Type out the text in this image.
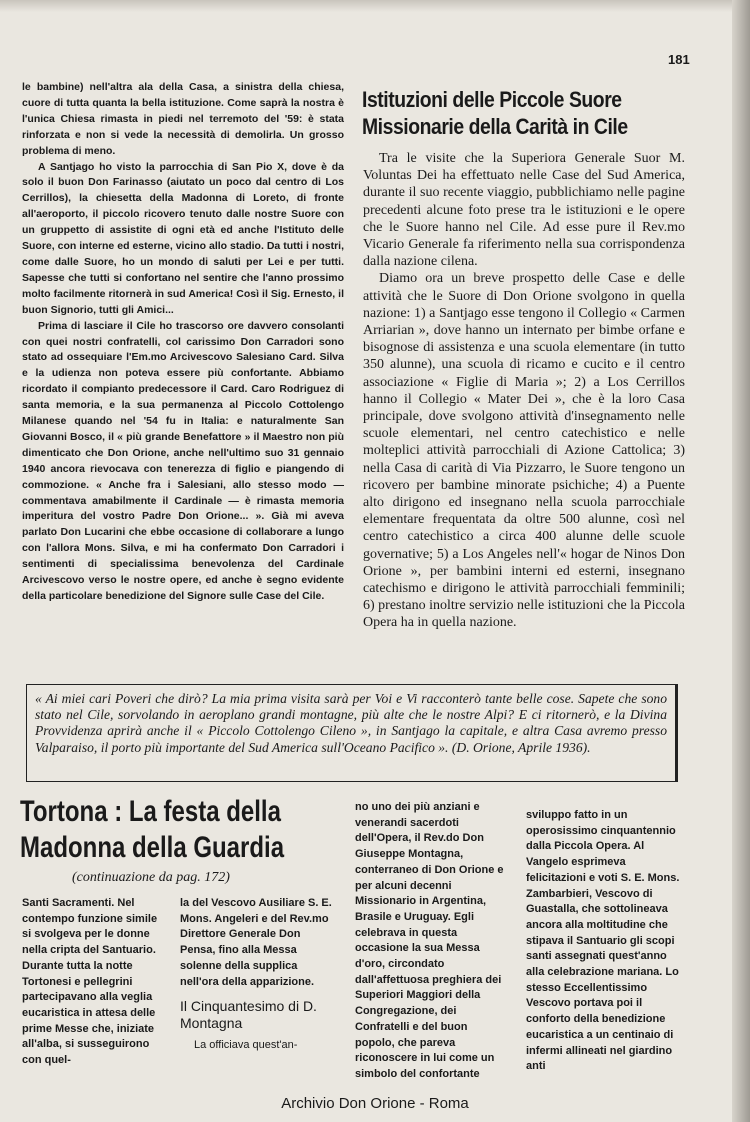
181

le bambine) nell'altra ala della Casa, a sinistra della chiesa, cuore di tutta quanta la bella istituzione. Come saprà la nostra è l'unica Chiesa rimasta in piedi nel terremoto del '59: è stata rinforzata e non si vede la necessità di demolirla. Un grosso problema di meno.

A Santjago ho visto la parrocchia di San Pio X, dove è da solo il buon Don Farinasso (aiutato un poco dal centro di Los Cerrillos), la chiesetta della Madonna di Loreto, di fronte all'aeroporto, il piccolo ricovero tenuto dalle nostre Suore con un gruppetto di assistite di ogni età ed anche l'Istituto delle Suore, con interne ed esterne, vicino allo stadio. Da tutti i nostri, come dalle Suore, ho un mondo di saluti per Lei e per tutti. Sapesse che tutti si confortano nel sentire che l'anno prossimo molto facilmente ritornerà in sud America! Così il Sig. Ernesto, il buon Signorio, tutti gli Amici...

Prima di lasciare il Cile ho trascorso ore davvero consolanti con quei nostri confratelli, col carissimo Don Carradori sono stato ad ossequiare l'Em.mo Arcivescovo Salesiano Card. Silva e la udienza non poteva essere più confortante. Abbiamo ricordato il compianto predecessore il Card. Caro Rodriguez di santa memoria, e la sua permanenza al Piccolo Cottolengo Milanese quando nel '54 fu in Italia: e naturalmente San Giovanni Bosco, il « più grande Benefattore » il Maestro non più dimenticato che Don Orione, anche nell'ultimo suo 31 gennaio 1940 ancora rievocava con tenerezza di figlio e piangendo di commozione. « Anche fra i Salesiani, allo stesso modo — commentava amabilmente il Cardinale — è rimasta memoria imperitura del vostro Padre Don Orione... ». Già mi aveva parlato Don Lucarini che ebbe occasione di collaborare a lungo con l'allora Mons. Silva, e mi ha confermato Don Carradori i sentimenti di specialissima benevolenza del Cardinale Arcivescovo verso le nostre opere, ed anche è segno evidente della particolare benedizione del Signore sulle Case del Cile.

Istituzioni delle Piccole Suore Missionarie della Carità in Cile

Tra le visite che la Superiora Generale Suor M. Voluntas Dei ha effettuato nelle Case del Sud America, durante il suo recente viaggio, pubblichiamo nelle pagine precedenti alcune foto prese tra le istituzioni e le opere che le Suore hanno nel Cile. Ad esse pure il Rev.mo Vicario Generale fa riferimento nella sua corrispondenza dalla nazione cilena.

Diamo ora un breve prospetto delle Case e delle attività che le Suore di Don Orione svolgono in quella nazione: 1) a Santjago esse tengono il Collegio « Carmen Arriarian », dove hanno un internato per bimbe orfane e bisognose di assistenza e una scuola elementare (in tutto 350 alunne), una scuola di ricamo e cucito e il centro associazione « Figlie di Maria »; 2) a Los Cerrillos hanno il Collegio « Mater Dei », che è la loro Casa principale, dove svolgono attività d'insegnamento nelle scuole elementari, nel centro catechistico e nelle molteplici attività parrocchiali di Azione Cattolica; 3) nella Casa di carità di Via Pizzarro, le Suore tengono un ricovero per bambine minorate psichiche; 4) a Puente alto dirigono ed insegnano nella scuola parrocchiale elementare frequentata da oltre 500 alunne, così nel centro catechistico a circa 400 alunne delle scuole governative; 5) a Los Angeles nell'« hogar de Ninos Don Orione », per bambini interni ed esterni, insegnano catechismo e dirigono le attività parrocchiali femminili; 6) prestano inoltre servizio nelle istituzioni che la Piccola Opera ha in quella nazione.

« Ai miei cari Poveri che dirò? La mia prima visita sarà per Voi e Vi racconterò tante belle cose. Sapete che sono stato nel Cile, sorvolando in aeroplano grandi montagne, più alte che le nostre Alpi? E ci ritornerò, e la Divina Provvidenza aprirà anche il « Piccolo Cottolengo Cileno », in Santjago la capitale, e altra Casa avremo presso Valparaiso, il porto più importante del Sud America sull'Oceano Pacifico ». (D. Orione, Aprile 1936).
Tortona : La festa della Madonna della Guardia
(continuazione da pag. 172)

Santi Sacramenti. Nel contempo funzione simile si svolgeva per le donne nella cripta del Santuario. Durante tutta la notte Tortonesi e pellegrini partecipavano alla veglia eucaristica in attesa delle prime Messe che, iniziate all'alba, si susseguirono con quel-

la del Vescovo Ausiliare S. E. Mons. Angeleri e del Rev.mo Direttore Generale Don Pensa, fino alla Messa solenne della supplica nell'ora della apparizione.

Il Cinquantesimo di D. Montagna

La officiava quest'an-

no uno dei più anziani e venerandi sacerdoti dell'Opera, il Rev.do Don Giuseppe Montagna, conterraneo di Don Orione e per alcuni decenni Missionario in Argentina, Brasile e Uruguay. Egli celebrava in questa occasione la sua Messa d'oro, circondato dall'affettuosa preghiera dei Superiori Maggiori della Congregazione, dei Confratelli e del buon popolo, che pareva riconoscere in lui come un simbolo del confortante

sviluppo fatto in un operosissimo cinquantennio dalla Piccola Opera. Al Vangelo esprimeva felicitazioni e voti S. E. Mons. Zambarbieri, Vescovo di Guastalla, che sottolineava ancora alla moltitudine che stipava il Santuario gli scopi santi assegnati quest'anno alla celebrazione mariana. Lo stesso Eccellentissimo Vescovo portava poi il conforto della benedizione eucaristica a un centinaio di infermi allineati nel giardino anti

Archivio Don Orione - Roma
